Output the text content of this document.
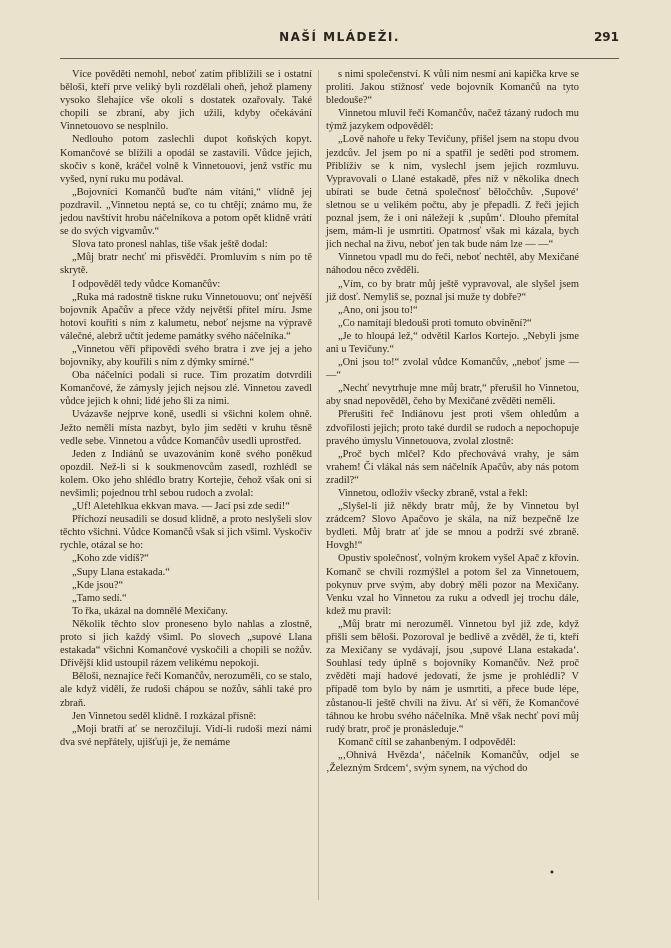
NAŠÍ MLÁDEŽI.	291

Více pověděti nemohl, neboť zatím přiblížili se i ostatní běloši, kteří prve veliký byli rozdělali oheň, jehož plameny vysoko šlehajíce vše okolí s dostatek ozařovaly. Také chopili se zbraní, aby jich užili, kdyby očekávání Vinnetouovo se nesplnilo.

Nedlouho potom zaslechli dupot koňských kopyt. Komančové se blížili a opodál se zastavili. Vůdce jejich, skočiv s koně, kráčel volně k Vinnetouovi, jenž vstříc mu vyšed, nyní ruku mu podával.

„Bojovníci Komančů buďte nám vítáni,“ vlídně jej pozdravil. „Vinnetou neptá se, co tu chtějí; známo mu, že jedou navštívit hrobu náčelníkova a potom opět klidně vrátí se do svých vigvamův.“

Slova tato pronesl nahlas, tiše však ještě dodal:

„Můj bratr nechť mi přisvědčí. Promluvím s ním po tě skrytě.

I odpověděl tedy vůdce Komančův:

„Ruka má radostně tiskne ruku Vinnetouovu; onť nejvěší bojovník Apačův a přece vždy největší přítel míru. Jsme hotovi kouřiti s ním z kalumetu, neboť nejsme na výpravě válečné, alebrž učtít jedeme památky svého náčelníka.“

„Vinnetou věří připovědi svého bratra i zve jej a jeho bojovníky, aby kouřili s ním z dýmky smírné.“

Oba náčelníci podali si ruce. Tím prozatím dotvrdili Komančové, že zámysly jejich nejsou zlé. Vinnetou zavedl vůdce jejich k ohni; lidé jeho šli za nimi.

Uvázavše nejprve koně, usedli si všichni kolem ohně. Ježto neměli místa nazbyt, bylo jim seděti v kruhu těsně vedle sebe. Vinnetou a vůdce Komančův usedli uprostřed.

Jeden z Indiánů se uvazováním koně svého poněkud opozdil. Než-li si k soukmenovcům zasedl, rozhlédl se kolem. Oko jeho shlédlo bratry Kortejie, čehož však oni si nevšimli; pojednou trhl sebou rudoch a zvolal:

„Uf! Aletehlkua ekkvan mava. — Jací psi zde sedí!“

Příchozí neusadili se dosud klidně, a proto neslyšeli slov těchto všichni. Vůdce Komančů však si jich všiml. Vyskočiv rychle, otázal se ho:

„Koho zde vidíš?“

„Supy Llana estakada.“

„Kde jsou?“

„Tamo sedí.“

To řka, ukázal na domnělé Mexičany.

Několik těchto slov proneseno bylo nahlas a zlostně, proto si jich každý všiml. Po slovech „supové Llana estakada“ všichni Komančové vyskočili a chopili se nožův. Dřívější klid ustoupil rázem velikému nepokoji.

Běloši, neznajíce řeči Komančův, nerozuměli, co se stalo, ale když viděli, že rudoši chápou se nožův, sáhli také pro zbraň.

Jen Vinnetou seděl klidně. I rozkázal přísně:

„Moji bratří ať se nerozčilují. Vidí-li rudoši mezi námi dva své nepřátely, ujišťuji je, že nemáme

s nimi společenství. K vůli nim nesmí ani kapička krve se proliti. Jakou stížnosť vede bojovník Komančů na tyto bledouše?“

Vinnetou mluvil řečí Komančův, načež tázaný rudoch mu týmž jazykem odpověděl:

„Lově nahoře u řeky Tevičuny, přišel jsem na stopu dvou jezdcův. Jel jsem po ní a spatřil je seděti pod stromem. Přiblíživ se k nim, vyslechl jsem jejich rozmluvu. Vypravovali o Llané estakadě, přes níž v několika dnech ubírati se bude četná společnosť běločchův. ‚Supové‘ sletnou se u velikém počtu, aby je přepadli. Z řeči jejich poznal jsem, že i oni náležejí k ‚supům‘. Dlouho přemítal jsem, mám-li je usmrtiti. Opatrnosť však mi kázala, bych jich nechal na živu, neboť jen tak bude nám lze — —“

Vinnetou vpadl mu do řeči, neboť nechtěl, aby Mexičané náhodou něco zvěděli.

„Vím, co by bratr můj ještě vypravoval, ale slyšel jsem již dosť. Nemyliš se, poznal jsi muže ty dobře?“

„Ano, oni jsou to!“

„Co namítají bledouši proti tomuto obvinění?“

„Je to hloupá lež,“ odvětil Karlos Kortejo. „Nebyli jsme ani u Tevičuny.“

„Oni jsou to!“ zvolal vůdce Komančův, „neboť jsme — —“

„Nechť nevytrhuje mne můj bratr,“ přerušil ho Vinnetou, aby snad nepověděl, čeho by Mexičané zvěděti neměli.

Přerušiti řeč Indiánovu jest proti všem ohledům a zdvořilosti jejich; proto také durdil se rudoch a nepochopuje pravého úmyslu Vinnetouova, zvolal zlostně:

„Proč bych mlčel? Kdo přechovává vrahy, je sám vrahem! Či vlákal nás sem náčelník Apačův, aby nás potom zradil?“

Vinnetou, odloživ všecky zbraně, vstal a řekl:

„Slyšel-li již někdy bratr můj, že by Vinnetou byl zrádcem? Slovo Apačovo je skála, na níž bezpečně lze bydleti. Můj bratr ať jde se mnou a podrží své zbraně. Hovgh!“

Opustiv společnosť, volným krokem vyšel Apač z křovin. Komanč se chvíli rozmýšlel a potom šel za Vinnetouem, pokynuv prve svým, aby dobrý měli pozor na Mexičany. Venku vzal ho Vinnetou za ruku a odvedl jej trochu dále, kdež mu pravil:

„Můj bratr mi nerozuměl. Vinnetou byl již zde, když přišli sem běloši. Pozoroval je bedlivě a zvěděl, že ti, kteří za Mexičany se vydávají, jsou ‚supové Llana estakada‘. Souhlasí tedy úplně s bojovníky Komančův. Než proč zvěděti mají hadové jedovatí, že jsme je prohlédli? V případě tom bylo by nám je usmrtiti, a přece bude lépe, zůstanou-li ještě chvíli na živu. Ať si věří, že Komančové táhnou ke hrobu svého náčelníka. Mně však nechť poví můj rudý bratr, proč je pronásleduje.“

Komanč cítil se zahanbeným. I odpověděl:

„‚Ohnivá Hvězda‘, náčelník Komančův, odjel se ‚Železným Srdcem‘, svým synem, na východ do

•
